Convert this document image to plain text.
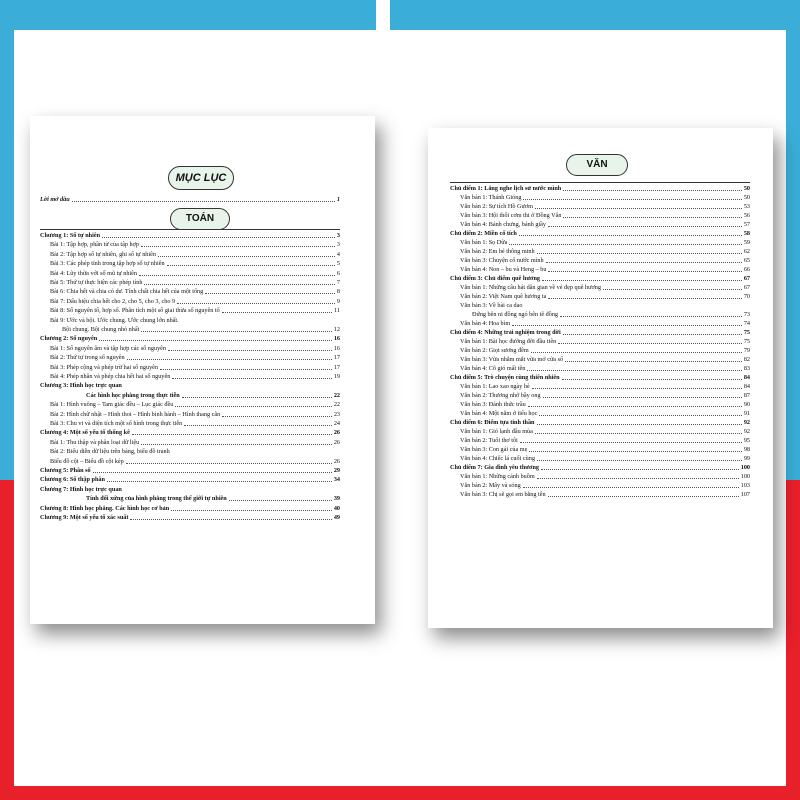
MỤC LỤC
Lời mở đầu	1
TOÁN
Chương 1: Số tự nhiên	3
Bài 1: Tập hợp, phần tử của tập hợp	3
Bài 2: Tập hợp số tự nhiên, ghi số tự nhiên	4
Bài 3: Các phép tính trong tập hợp số tự nhiên	5
Bài 4: Lũy thừa với số mũ tự nhiên	6
Bài 5: Thứ tự thực hiện các phép tính	7
Bài 6: Chia hết và chia có dư. Tính chất chia hết của một tổng	8
Bài 7: Dấu hiệu chia hết cho 2, cho 5, cho 3, cho 9	9
Bài 8: Số nguyên tố, hợp số. Phân tích một số giai thừa số nguyên tố	11
Bài 9: Ước và bội. Ước chung. Ước chung lớn nhất.
Bội chung. Bội chung nhỏ nhất	12
Chương 2: Số nguyên	16
Bài 1: Số nguyên âm và tập hợp các số nguyên	16
Bài 2: Thứ tự trong số nguyên	17
Bài 3: Phép cộng và phép trừ hai số nguyên	17
Bài 4: Phép nhân và phép chia hết hai số nguyên	19
Chương 3: Hình học trực quan
Các hình học phẳng trong thực tiễn	22
Bài 1: Hình vuông – Tam giác đều – Lục giác đều	22
Bài 2: Hình chữ nhật – Hình thoi – Hình bình hành – Hình thang cân	23
Bài 3: Chu vi và diện tích một số hình trong thực tiễn	24
Chương 4: Một số yếu tố thống kê	26
Bài 1: Thu thập và phân loại dữ liệu	26
Bài 2: Biểu diễn dữ liệu trên bảng, biểu đồ tranh
Biểu đồ cột – Biểu đồ cột kép	26
Chương 5: Phân số	29
Chương 6: Số thập phân	34
Chương 7: Hình học trực quan
Tính đối xứng của hình phẳng trong thế giới tự nhiên	39
Chương 8: Hình học phẳng. Các hình học cơ bản	40
Chương 9: Một số yếu tố xác suất	49
VĂN
Chủ điểm 1: Lắng nghe lịch sử nước mình	50
Văn bản 1: Thánh Gióng	50
Văn bản 2: Sự tích Hồ Gươm	53
Văn bản 3: Hội thổi cơm thi ở Đồng Vân	56
Văn bản 4: Bánh chưng, bánh giầy	57
Chủ điểm 2: Miền cổ tích	58
Văn bản 1: Sọ Dừa	59
Văn bản 2: Em bé thông minh	62
Văn bản 3: Chuyện cổ nước mình	65
Văn bản 4: Non – bu và Heng – bu	66
Chủ điểm 3: Chủ điểm quê hương	67
Văn bản 1: Những câu hát dân gian về vẻ đẹp quê hương	67
Văn bản 2: Việt Nam quê hương ta	70
Văn bản 3: Về bài ca dao
Đứng bên ni đồng ngó bên tê đồng	73
Văn bản 4: Hoa bìm	74
Chủ điểm 4: Những trải nghiệm trong đời	75
Văn bản 1: Bài học đường đời đầu tiên	75
Văn bản 2: Giọt sương đêm	79
Văn bản 3: Vừa nhắm mắt vừa mở cửa sổ	82
Văn bản 4: Cô gió mất tên	83
Chủ điểm 5: Trò chuyện cùng thiên nhiên	84
Văn bản 1: Lao xao ngày hè	84
Văn bản 2: Thương nhớ bầy ong	87
Văn bản 3: Đánh thức trầu	90
Văn bản 4: Một năm ở tiểu học	91
Chủ điểm 6: Điểm tựa tinh thần	92
Văn bản 1: Gió lạnh đầu mùa	92
Văn bản 2: Tuổi thơ tôi	95
Văn bản 3: Con gái của mẹ	98
Văn bản 4: Chiếc lá cuối cùng	99
Chủ điểm 7: Gia đình yêu thương	100
Văn bản 1: Những cánh buồm	100
Văn bản 2: Mây và sóng	103
Văn bản 3: Chị sẽ gọi em bằng tên	107
